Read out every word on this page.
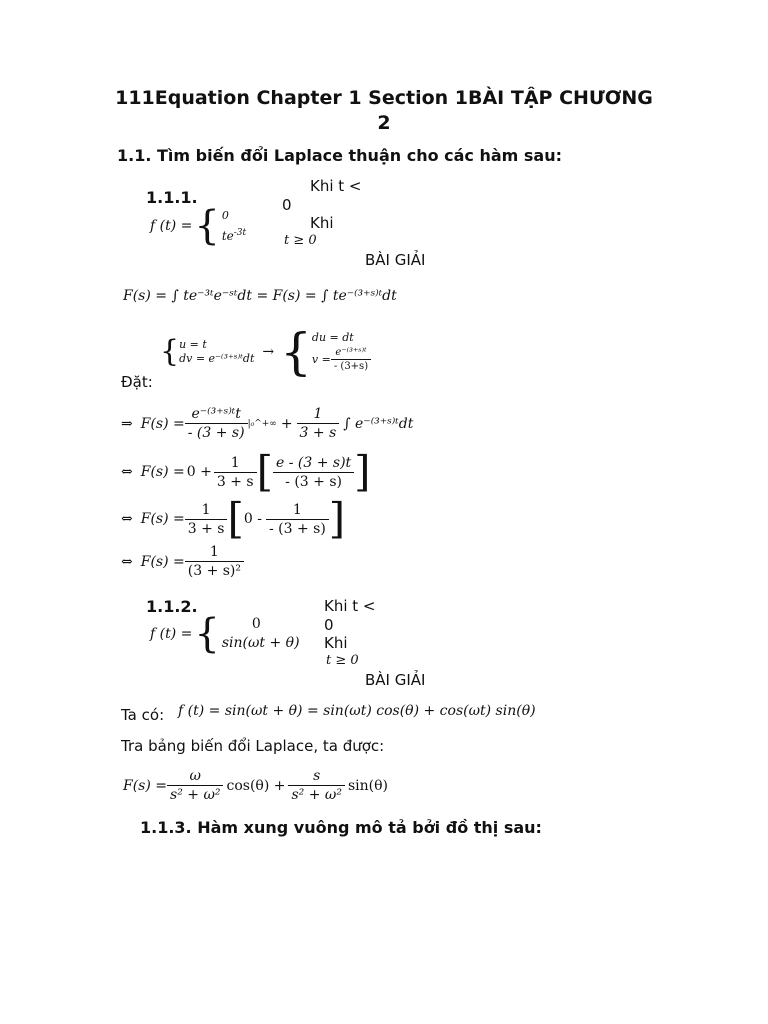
111Equation Chapter 1 Section 1BÀI TẬP CHƯƠNG
2
1.1. Tìm biến đổi Laplace thuận cho các hàm sau:
1.1.1.
Khi t <
0
Khi
t ≥ 0
f (t) = { 0
$te^{-3t}$
BÀI GIẢI
F(s) = ∫ te⁻³ᵗe⁻ˢᵗdt = F(s) = ∫ te⁻⁽³⁺ˢ⁾ᵗdt
{ u = t
dv = e⁻⁽³⁺ˢ⁾ᵗdt → { du = dt
$v = \frac{\text{e⁻⁽³⁺ˢ⁾ᵗ}}{- (3+s)}$
Đặt:
⇒ $F(s) = \frac{\text{e⁻⁽³⁺ˢ⁾ᵗt}}{- (3 + s)}$ |₀^+∞ + $\frac{1}{3 + s}$ ∫ e⁻⁽³⁺ˢ⁾ᵗdt
⇔ $F(s) = 0 + \frac{1}{3 + s}$ [ $\frac{e - (3 + s)t}{- (3 + s)}$ ]
⇔ $F(s) = \frac{1}{3 + s}$ [ $0 - \frac{1}{- (3 + s)}$ ]
⇔ $F(s) = \frac{1}{\text{(3 + s)²}}$
1.1.2.	Khi t <
0
Khi
t ≥ 0
f (t) = {	0
sin(ωt + θ)
BÀI GIẢI
Ta có: f (t) = sin(ωt + θ) = sin(ωt) cos(θ) + cos(ωt) sin(θ)
Tra bảng biến đổi Laplace, ta được:
$F(s) = \frac{\omega}{\text{s² + ω²}} \cos(\theta) + \frac{s}{\text{s² + ω²}} \sin(\theta)$
1.1.3. Hàm xung vuông mô tả bởi đồ thị sau:
